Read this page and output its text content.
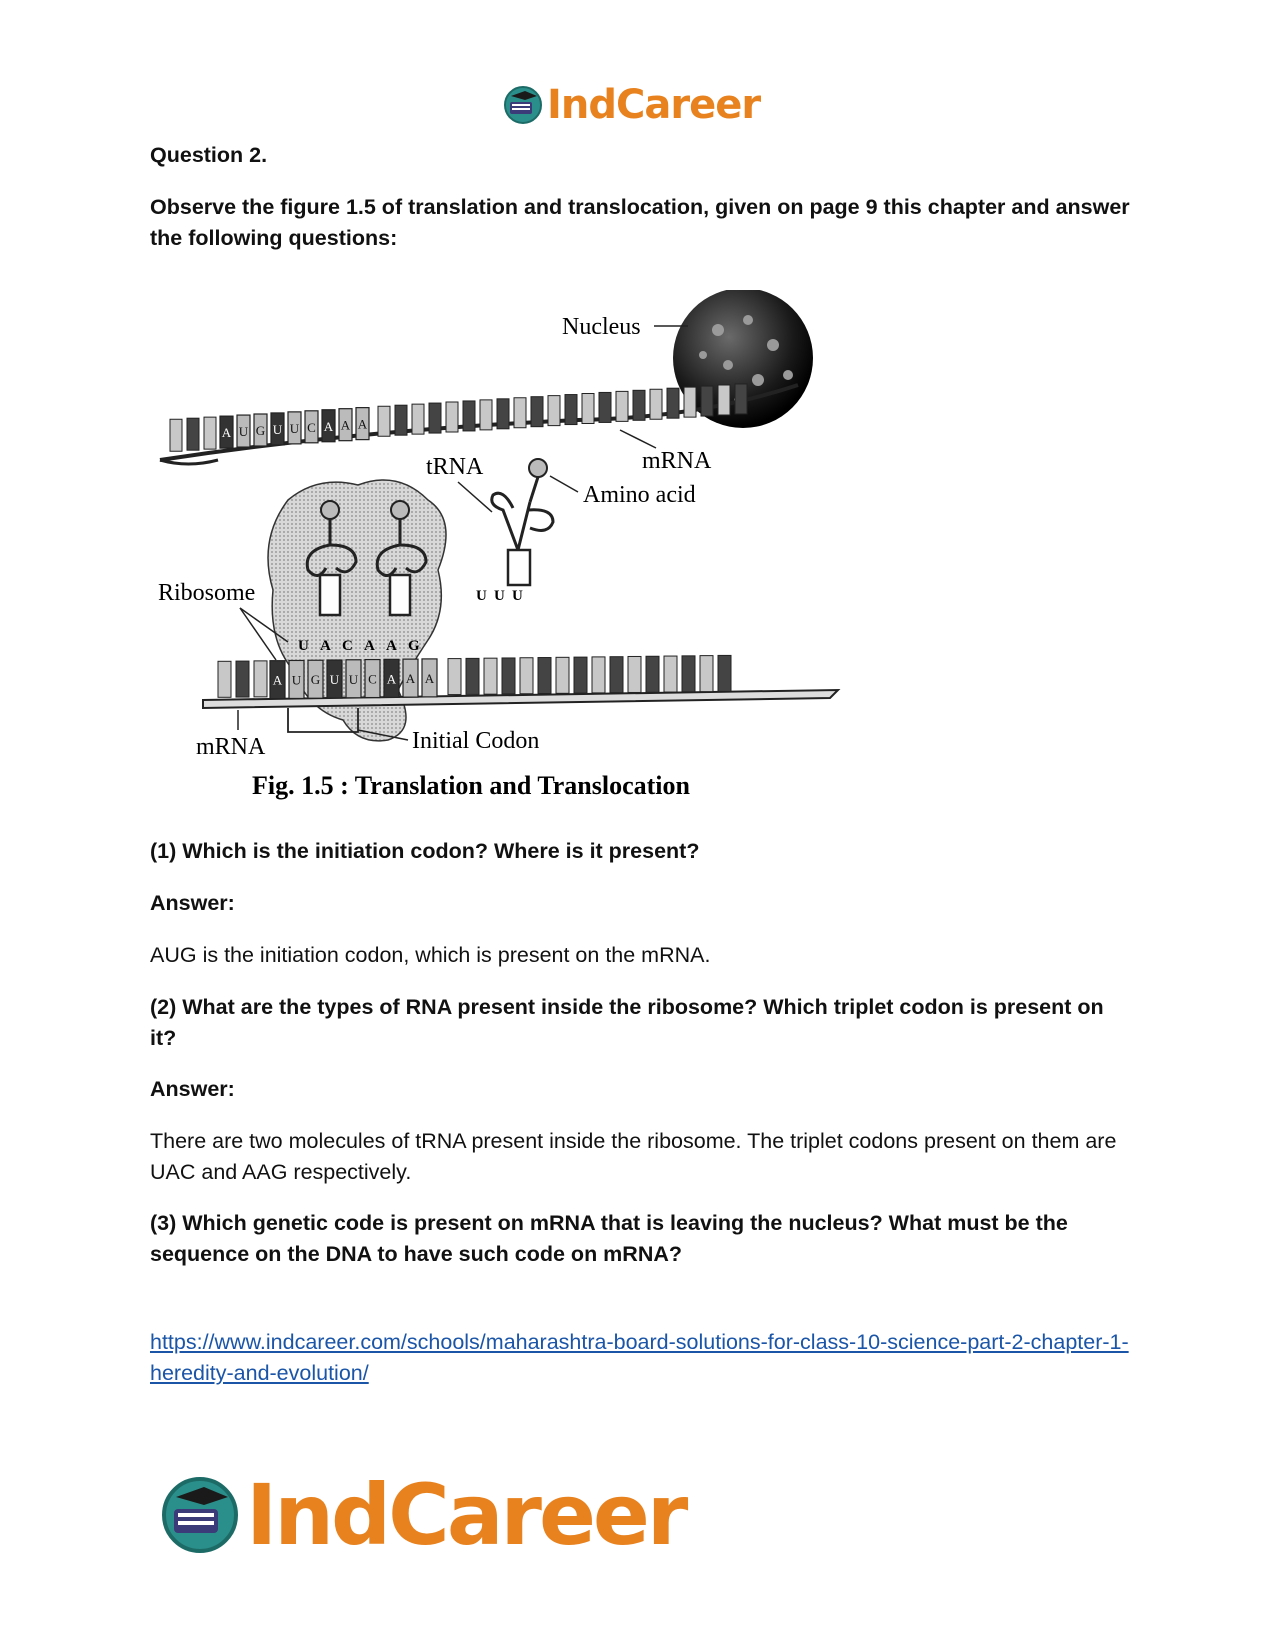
IndCareer
Question 2.
Observe the figure 1.5 of translation and translocation, given on page 9 this chapter and answer the following questions:
A U G U U C A A A
Nucleus
mRNA
tRNA
Amino acid
U U U
U A C A A G
Ribosome
A U G U U C A A A
Initial Codon
mRNA
Fig. 1.5 : Translation and Translocation
(1) Which is the initiation codon? Where is it present?
Answer:
AUG is the initiation codon, which is present on the mRNA.
(2) What are the types of RNA present inside the ribosome? Which triplet codon is present on it?
Answer:
There are two molecules of tRNA present inside the ribosome. The triplet codons present on them are UAC and AAG respectively.
(3) Which genetic code is present on mRNA that is leaving the nucleus? What must be the sequence on the DNA to have such code on mRNA?
https://www.indcareer.com/schools/maharashtra-board-solutions-for-class-10-science-part-2-chapter-1-heredity-and-evolution/
IndCareer
